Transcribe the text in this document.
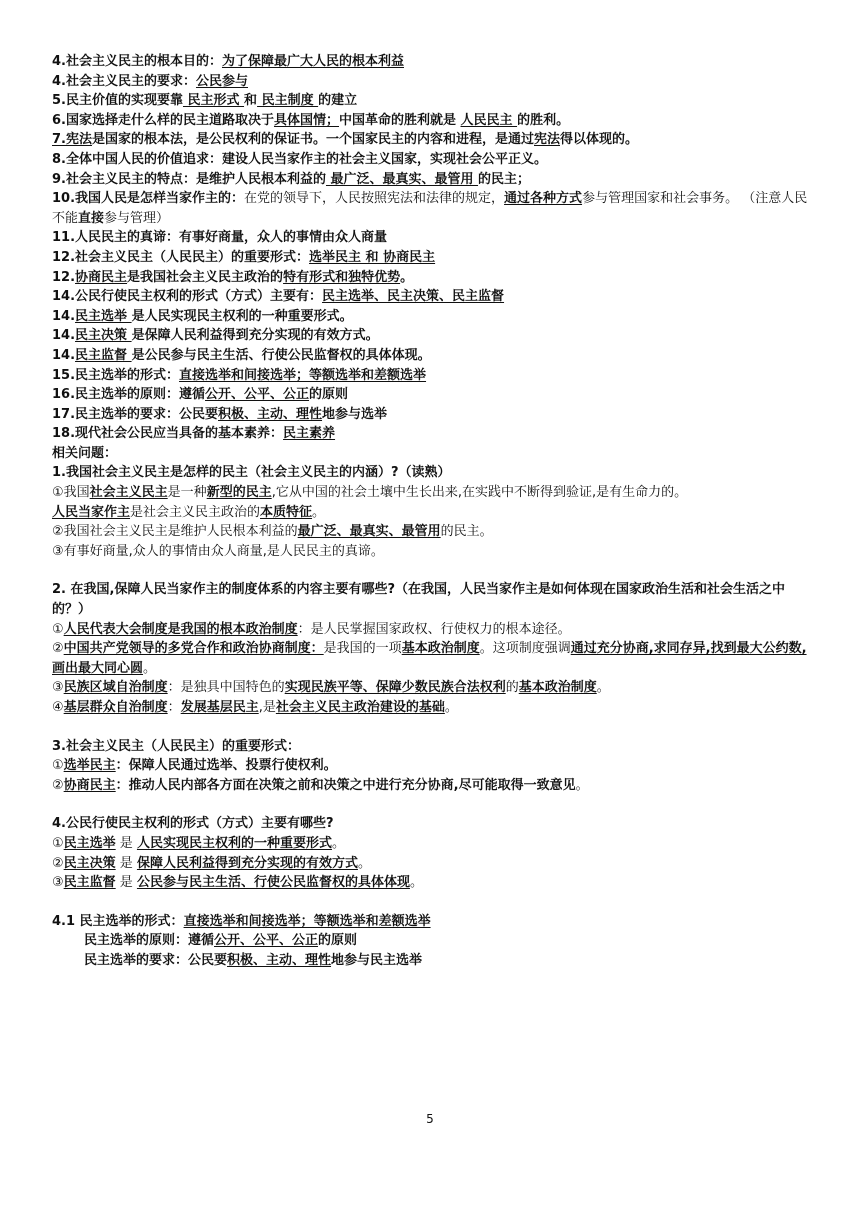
4.社会主义民主的根本目的：为了保障最广大人民的根本利益
4.社会主义民主的要求：公民参与
5.民主价值的实现要靠 民主形式 和 民主制度 的建立
6.国家选择走什么样的民主道路取决于具体国情；中国革命的胜利就是 人民民主 的胜利。
7.宪法是国家的根本法，是公民权利的保证书。一个国家民主的内容和进程，是通过宪法得以体现的。
8.全体中国人民的价值追求：建设人民当家作主的社会主义国家，实现社会公平正义。
9.社会主义民主的特点：是维护人民根本利益的 最广泛、最真实、最管用 的民主；
10.我国人民是怎样当家作主的：在党的领导下，人民按照宪法和法律的规定，通过各种方式参与管理国家和社会事务。 （注意人民不能直接参与管理）
11.人民民主的真谛：有事好商量，众人的事情由众人商量
12.社会主义民主（人民民主）的重要形式：选举民主 和 协商民主
12.协商民主是我国社会主义民主政治的特有形式和独特优势。
14.公民行使民主权利的形式（方式）主要有：民主选举、民主决策、民主监督
14.民主选举 是人民实现民主权利的一种重要形式。
14.民主决策 是保障人民利益得到充分实现的有效方式。
14.民主监督 是公民参与民主生活、行使公民监督权的具体体现。
15.民主选举的形式：直接选举和间接选举；等额选举和差额选举
16.民主选举的原则：遵循公开、公平、公正的原则
17.民主选举的要求：公民要积极、主动、理性地参与选举
18.现代社会公民应当具备的基本素养：民主素养
相关问题：
1.我国社会主义民主是怎样的民主（社会主义民主的内涵）?（读熟）
①我国社会主义民主是一种新型的民主,它从中国的社会土壤中生长出来,在实践中不断得到验证,是有生命力的。
人民当家作主是社会主义民主政治的本质特征。
②我国社会主义民主是维护人民根本利益的最广泛、最真实、最管用的民主。
③有事好商量,众人的事情由众人商量,是人民民主的真谛。
2. 在我国,保障人民当家作主的制度体系的内容主要有哪些?（在我国，人民当家作主是如何体现在国家政治生活和社会生活之中的？）
①人民代表大会制度是我国的根本政治制度：是人民掌握国家政权、行使权力的根本途径。
②中国共产党领导的多党合作和政治协商制度：是我国的一项基本政治制度。这项制度强调通过充分协商,求同存异,找到最大公约数,画出最大同心圆。
③民族区域自治制度：是独具中国特色的实现民族平等、保障少数民族合法权利的基本政治制度。
④基层群众自治制度：发展基层民主,是社会主义民主政治建设的基础。
3.社会主义民主（人民民主）的重要形式：
①选举民主：保障人民通过选举、投票行使权利。
②协商民主：推动人民内部各方面在决策之前和决策之中进行充分协商,尽可能取得一致意见。
4.公民行使民主权利的形式（方式）主要有哪些?
①民主选举 是 人民实现民主权利的一种重要形式。
②民主决策 是 保障人民利益得到充分实现的有效方式。
③民主监督 是 公民参与民主生活、行使公民监督权的具体体现。
4.1 民主选举的形式：直接选举和间接选举；等额选举和差额选举
民主选举的原则：遵循公开、公平、公正的原则
民主选举的要求：公民要积极、主动、理性地参与民主选举
5
